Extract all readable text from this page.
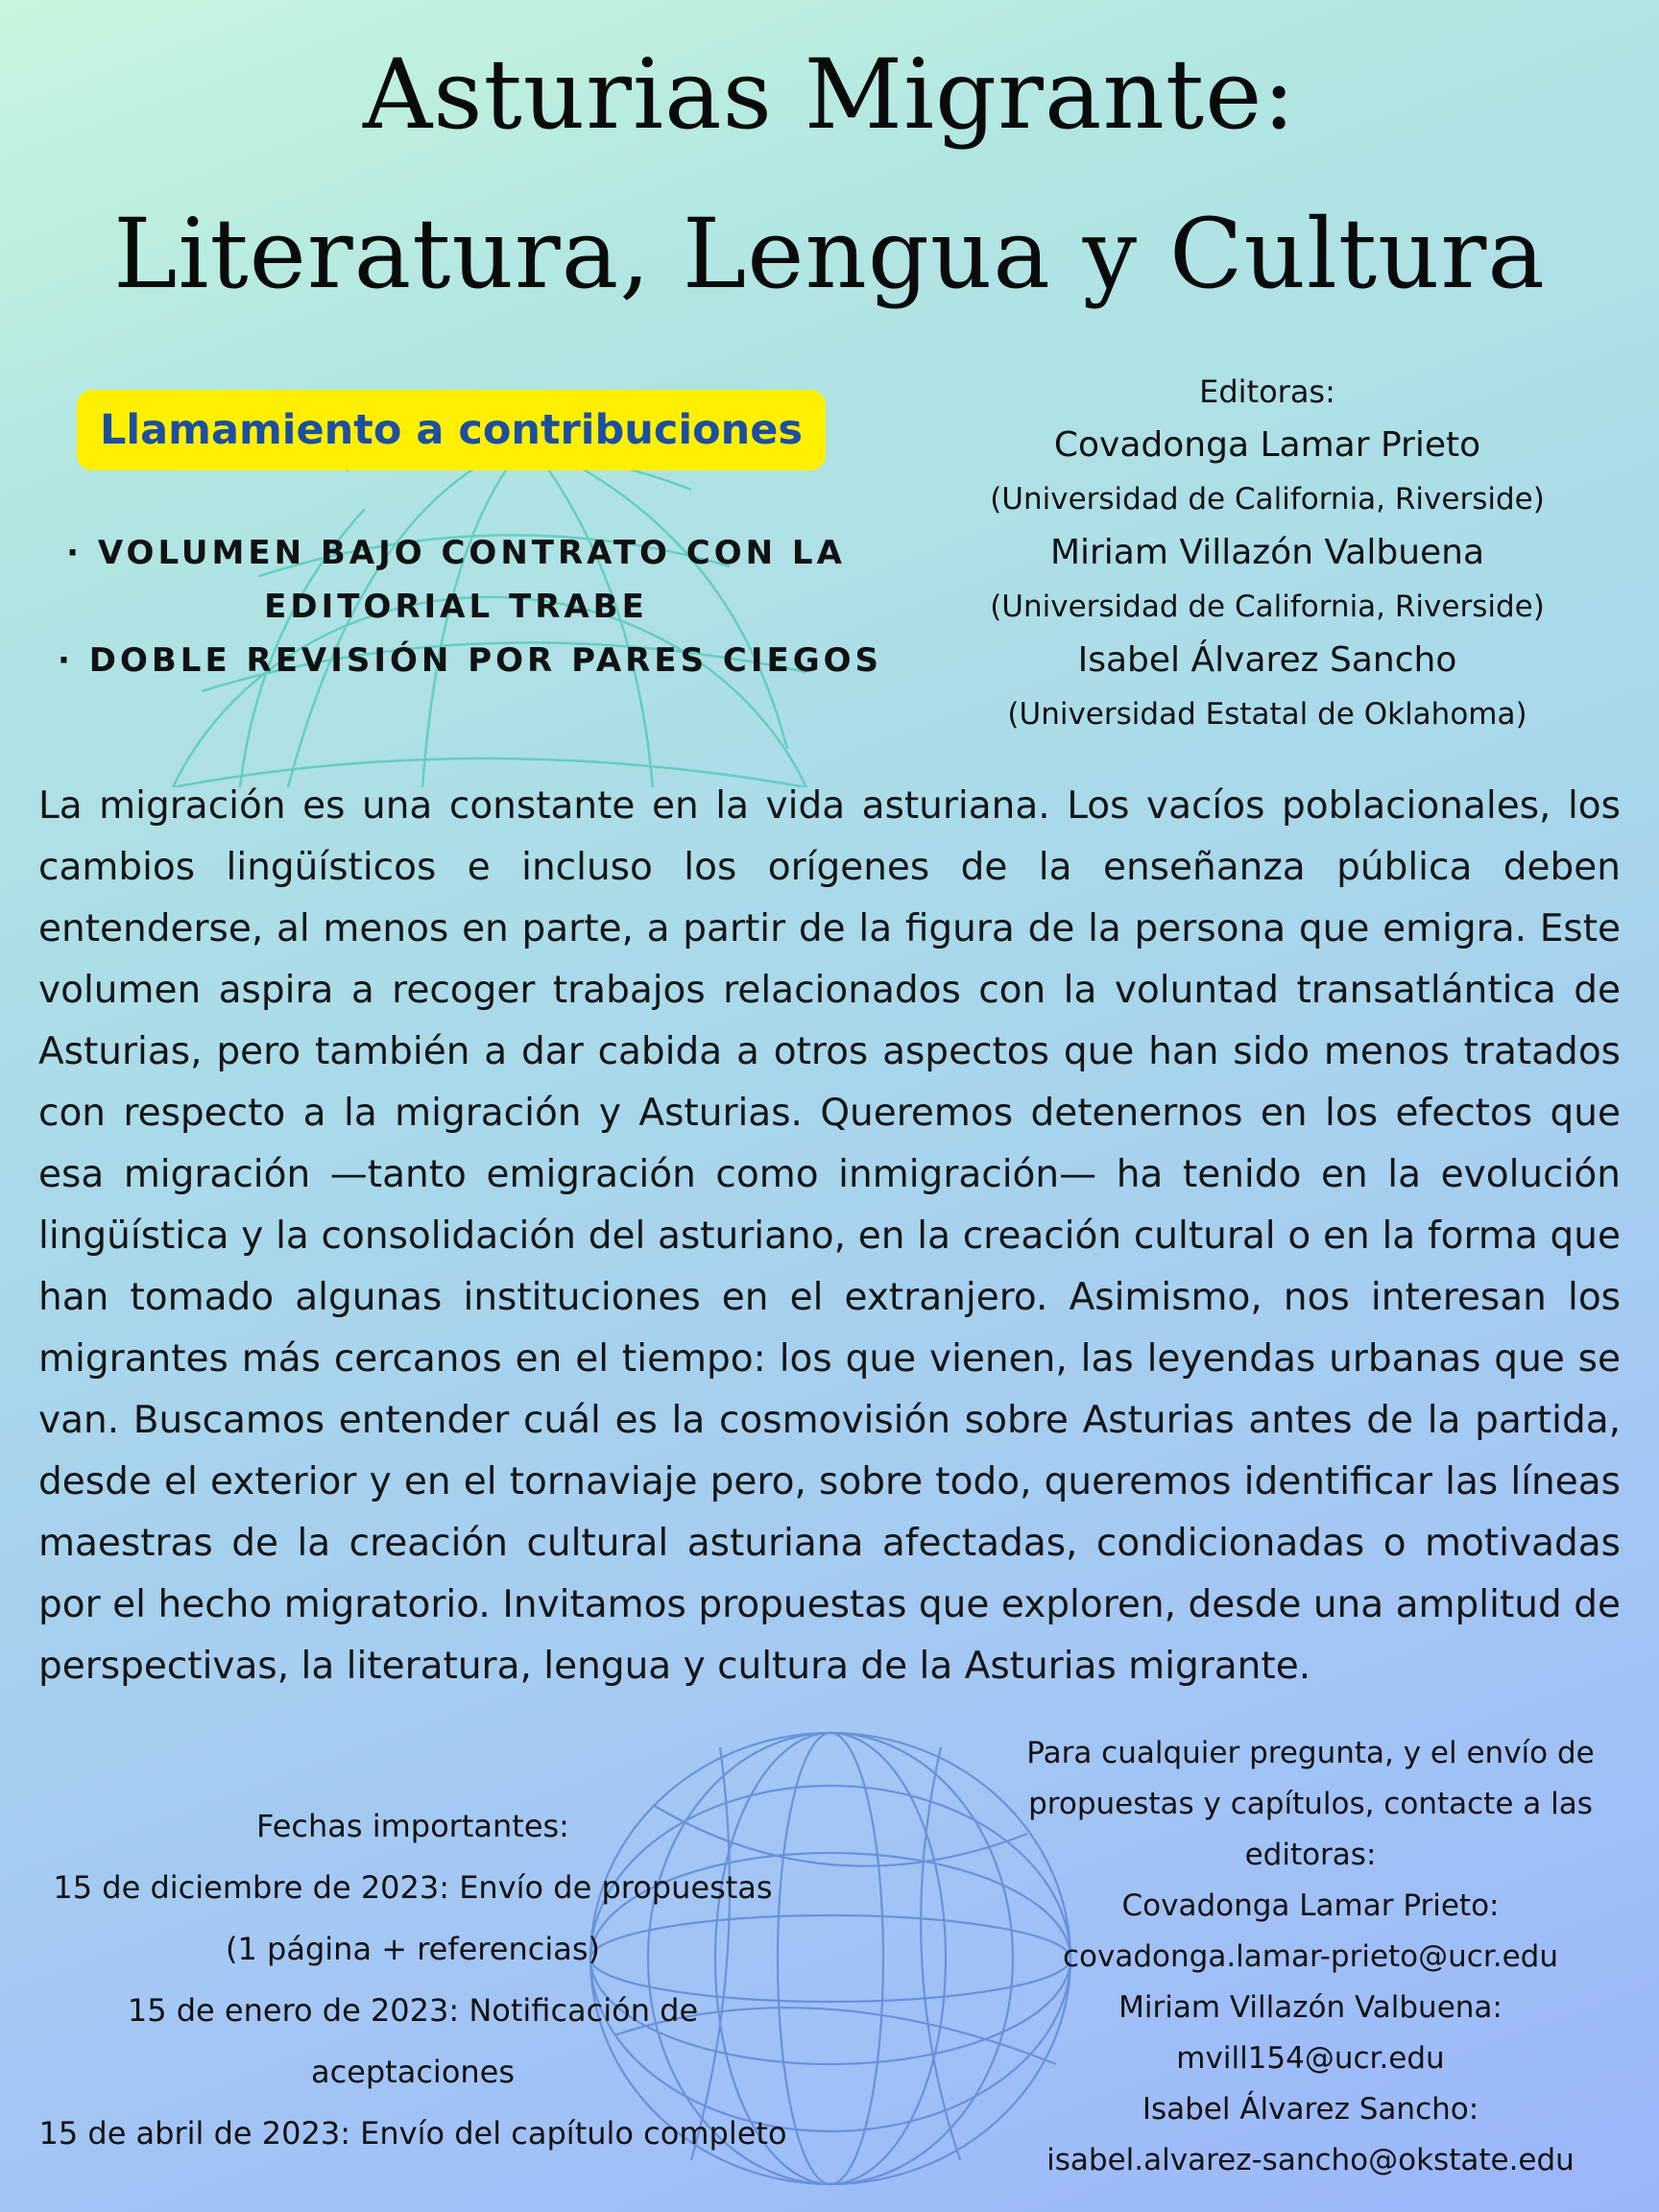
Asturias Migrante:
Literatura, Lengua y Cultura
Llamamiento a contribuciones
· VOLUMEN BAJO CONTRATO CON LA
EDITORIAL TRABE
· DOBLE REVISIÓN POR PARES CIEGOS
Editoras:
Covadonga Lamar Prieto
(Universidad de California, Riverside)
Miriam Villazón Valbuena
(Universidad de California, Riverside)
Isabel Álvarez Sancho
(Universidad Estatal de Oklahoma)

La migración es una constante en la vida asturiana. Los vacíos poblacionales, los cambios lingüísticos e incluso los orígenes de la enseñanza pública deben entenderse, al menos en parte, a partir de la figura de la persona que emigra. Este volumen aspira a recoger trabajos relacionados con la voluntad transatlántica de Asturias, pero también a dar cabida a otros aspectos que han sido menos tratados con respecto a la migración y Asturias. Queremos detenernos en los efectos que esa migración —tanto emigración como inmigración— ha tenido en la evolución lingüística y la consolidación del asturiano, en la creación cultural o en la forma que han tomado algunas instituciones en el extranjero. Asimismo, nos interesan los migrantes más cercanos en el tiempo: los que vienen, las leyendas urbanas que se van. Buscamos entender cuál es la cosmovisión sobre Asturias antes de la partida, desde el exterior y en el tornaviaje pero, sobre todo, queremos identificar las líneas maestras de la creación cultural asturiana afectadas, condicionadas o motivadas por el hecho migratorio. Invitamos propuestas que exploren, desde una amplitud de perspectivas, la literatura, lengua y cultura de la Asturias migrante.

Fechas importantes:
15 de diciembre de 2023: Envío de propuestas
(1 página + referencias)
15 de enero de 2023: Notificación de
aceptaciones
15 de abril de 2023: Envío del capítulo completo
Para cualquier pregunta, y el envío de
propuestas y capítulos, contacte a las
editoras:
Covadonga Lamar Prieto:
covadonga.lamar-prieto@ucr.edu
Miriam Villazón Valbuena:
mvill154@ucr.edu
Isabel Álvarez Sancho:
isabel.alvarez-sancho@okstate.edu
